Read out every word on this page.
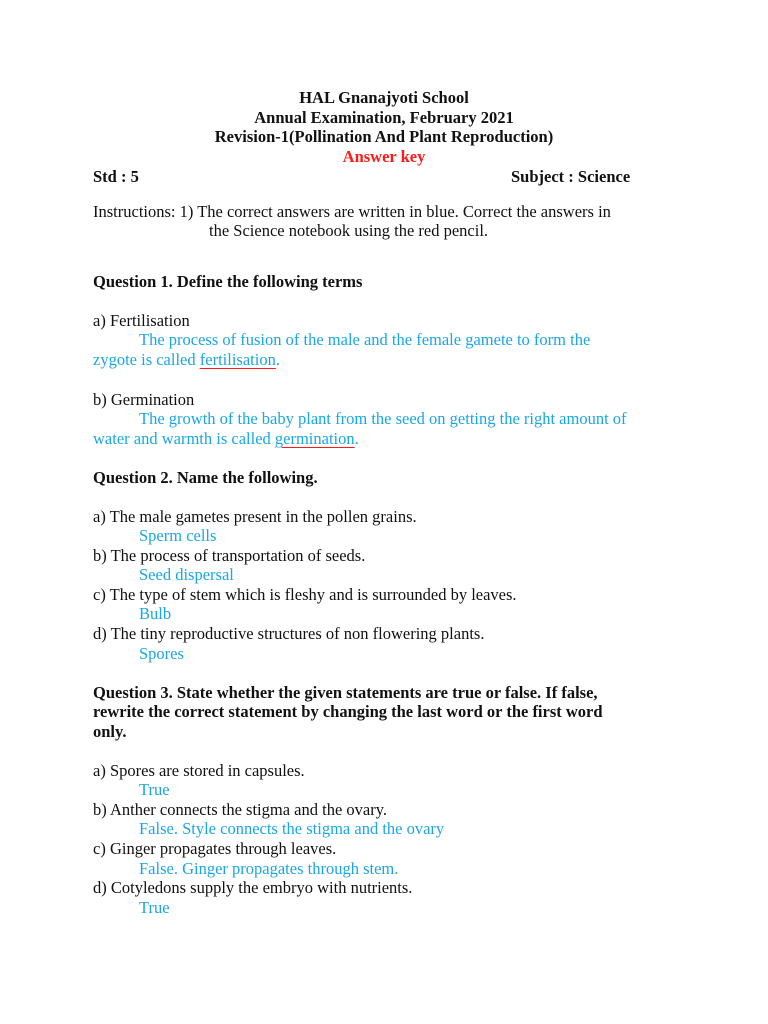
HAL Gnanajyoti School
Annual Examination, February 2021
Revision-1(Pollination And Plant Reproduction)
Answer key
Std : 5	Subject : Science
Instructions: 1) The correct answers are written in blue. Correct the answers in
the Science notebook using the red pencil.
Question 1. Define the following terms
a) Fertilisation
The process of fusion of the male and the female gamete to form the
zygote is called fertilisation.
b) Germination
The growth of the baby plant from the seed on getting the right amount of
water and warmth is called germination.
Question 2. Name the following.
a) The male gametes present in the pollen grains.
Sperm cells
b) The process of transportation of seeds.
Seed dispersal
c) The type of stem which is fleshy and is surrounded by leaves.
Bulb
d) The tiny reproductive structures of non flowering plants.
Spores
Question 3. State whether the given statements are true or false. If false,
rewrite the correct statement by changing the last word or the first word
only.
a) Spores are stored in capsules.
True
b) Anther connects the stigma and the ovary.
False. Style connects the stigma and the ovary
c) Ginger propagates through leaves.
False. Ginger propagates through stem.
d) Cotyledons supply the embryo with nutrients.
True
